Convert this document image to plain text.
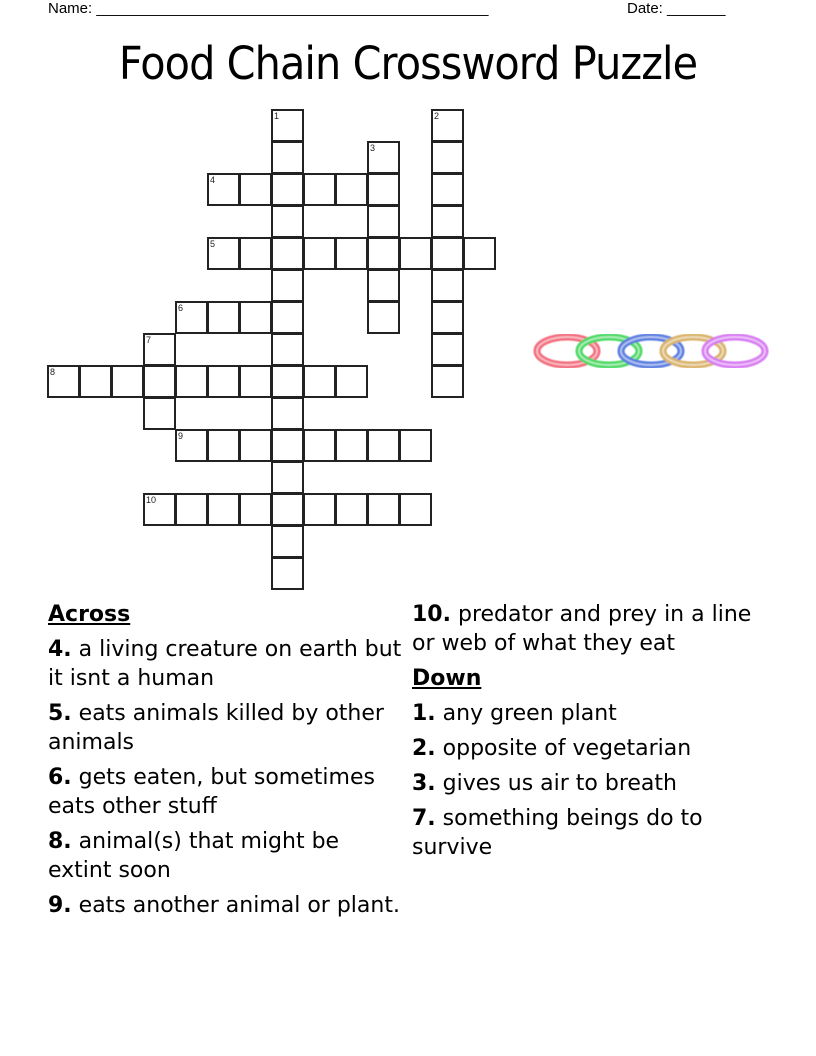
Name: _______________________________________________	Date: _______
Food Chain Crossword Puzzle
1	2
3
4
5
6
7
8
9
10
Across
4. a living creature on earth but it isnt a human
5. eats animals killed by other animals
6. gets eaten, but sometimes eats other stuff
8. animal(s) that might be extint soon
9. eats another animal or plant.
10. predator and prey in a line or web of what they eat
Down
1. any green plant
2. opposite of vegetarian
3. gives us air to breath
7. something beings do to survive
